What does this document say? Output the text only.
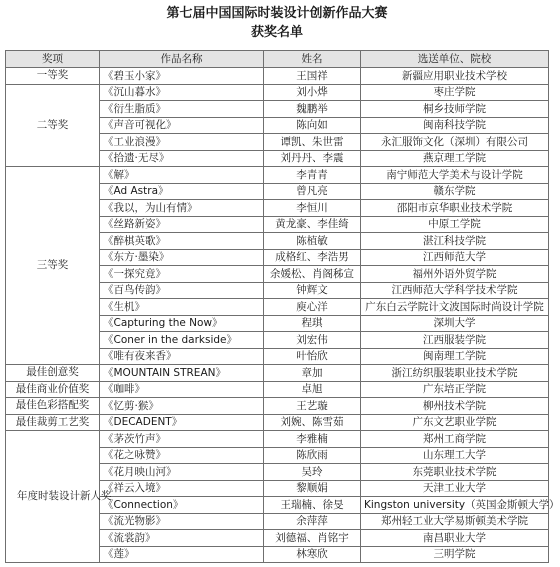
第七届中国国际时装设计创新作品大赛
获奖名单
奖项	作品名称	姓名	选送单位、院校
一等奖	《碧玉小家》	王国祥	新疆应用职业技术学校
二等奖	《沉山暮水》	刘小烨	枣庄学院
	《衍生脂质》	魏鹏举	桐乡技师学院
	《声音可视化》	陈向如	闽南科技学院
	《工业浪漫》	谭凯、朱世雷	永汇服饰文化（深圳）有限公司
	《拾遗·无尽》	刘丹丹、李震	燕京理工学院
三等奖	《解》	李青青	南宁师范大学美术与设计学院
	《Ad Astra》	曾凡亮	赣东学院
	《我以，为山有情》	李恒川	邵阳市京华职业技术学院
	《丝路新姿》	黄龙豪、李佳绮	中原工学院
	《醉棋英歌》	陈植敏	湛江科技学院
	《东方·墨染》	成格红、李浩男	江西师范大学
	《一探究竟》	余媛松、肖阁秭宣	福州外语外贸学院
	《百鸟传韵》	钟辉文	江西师范大学科学技术学院
	《生机》	庾心洋	广东白云学院计文波国际时尚设计学院
	《Capturing the Now》	程琪	深圳大学
	《Coner in the darkside》	刘宏伟	江西服装学院
	《唯有夜来香》	叶怡欣	闽南理工学院
最佳创意奖	《MOUNTAIN STREAN》	章加	浙江纺织服装职业技术学院
最佳商业价值奖	《咖啡》	卓旭	广东培正学院
最佳色彩搭配奖	《忆剪·猴》	王艺璇	柳州技术学院
最佳裁剪工艺奖	《DECADENT》	刘婉、陈雪茹	广东文艺职业学院
年度时装设计新人奖	《茅茨竹声》	李雅楠	郑州工商学院
	《花之咏赞》	陈欣雨	山东理工大学
	《花月映山河》	吴玲	东莞职业技术学院
	《祥云入境》	黎顺娟	天津工业大学
	《Connection》	王瑞楠、徐旻	Kingston university（英国金斯顿大学）
	《流光物影》	余萍萍	郑州轻工业大学易斯顿美术学院
	《流裳韵》	刘德福、肖铭宇	南昌职业大学
	《莲》	林寒欣	三明学院
